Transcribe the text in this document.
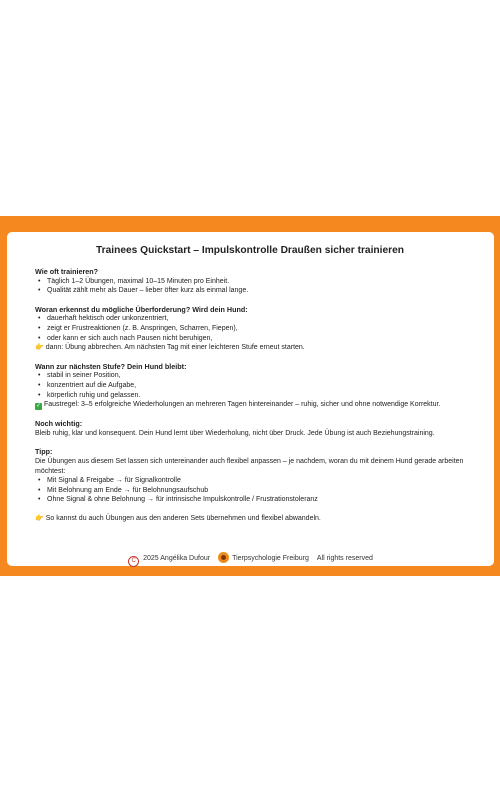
Trainees Quickstart – Impulskontrolle Draußen sicher trainieren
Wie oft trainieren?
• Täglich 1–2 Übungen, maximal 10–15 Minuten pro Einheit.
• Qualität zählt mehr als Dauer – lieber öfter kurz als einmal lange.
Woran erkennst du mögliche Überforderung? Wird dein Hund:
• dauerhaft hektisch oder unkonzentriert,
• zeigt er Frustreaktionen (z. B. Anspringen, Scharren, Fiepen),
• oder kann er sich auch nach Pausen nicht beruhigen,
👉 dann: Übung abbrechen. Am nächsten Tag mit einer leichteren Stufe erneut starten.
Wann zur nächsten Stufe? Dein Hund bleibt:
• stabil in seiner Position,
• konzentriert auf die Aufgabe,
• körperlich ruhig und gelassen.
✓ Faustregel: 3–5 erfolgreiche Wiederholungen an mehreren Tagen hintereinander – ruhig, sicher und ohne notwendige Korrektur.
Noch wichtig:
Bleib ruhig, klar und konsequent. Dein Hund lernt über Wiederholung, nicht über Druck. Jede Übung ist auch Beziehungstraining.
Tipp:
Die Übungen aus diesem Set lassen sich untereinander auch flexibel anpassen – je nachdem, woran du mit deinem Hund gerade arbeiten möchtest:
• Mit Signal & Freigabe → für Signalkontrolle
• Mit Belohnung am Ende → für Belohnungsaufschub
• Ohne Signal & ohne Belohnung → für intrinsische Impulskontrolle / Frustrationstoleranz
👉 So kannst du auch Übungen aus den anderen Sets übernehmen und flexibel abwandeln.
C 2025 Angélika Dufour	Tierpsychologie Freiburg All rights reserved
